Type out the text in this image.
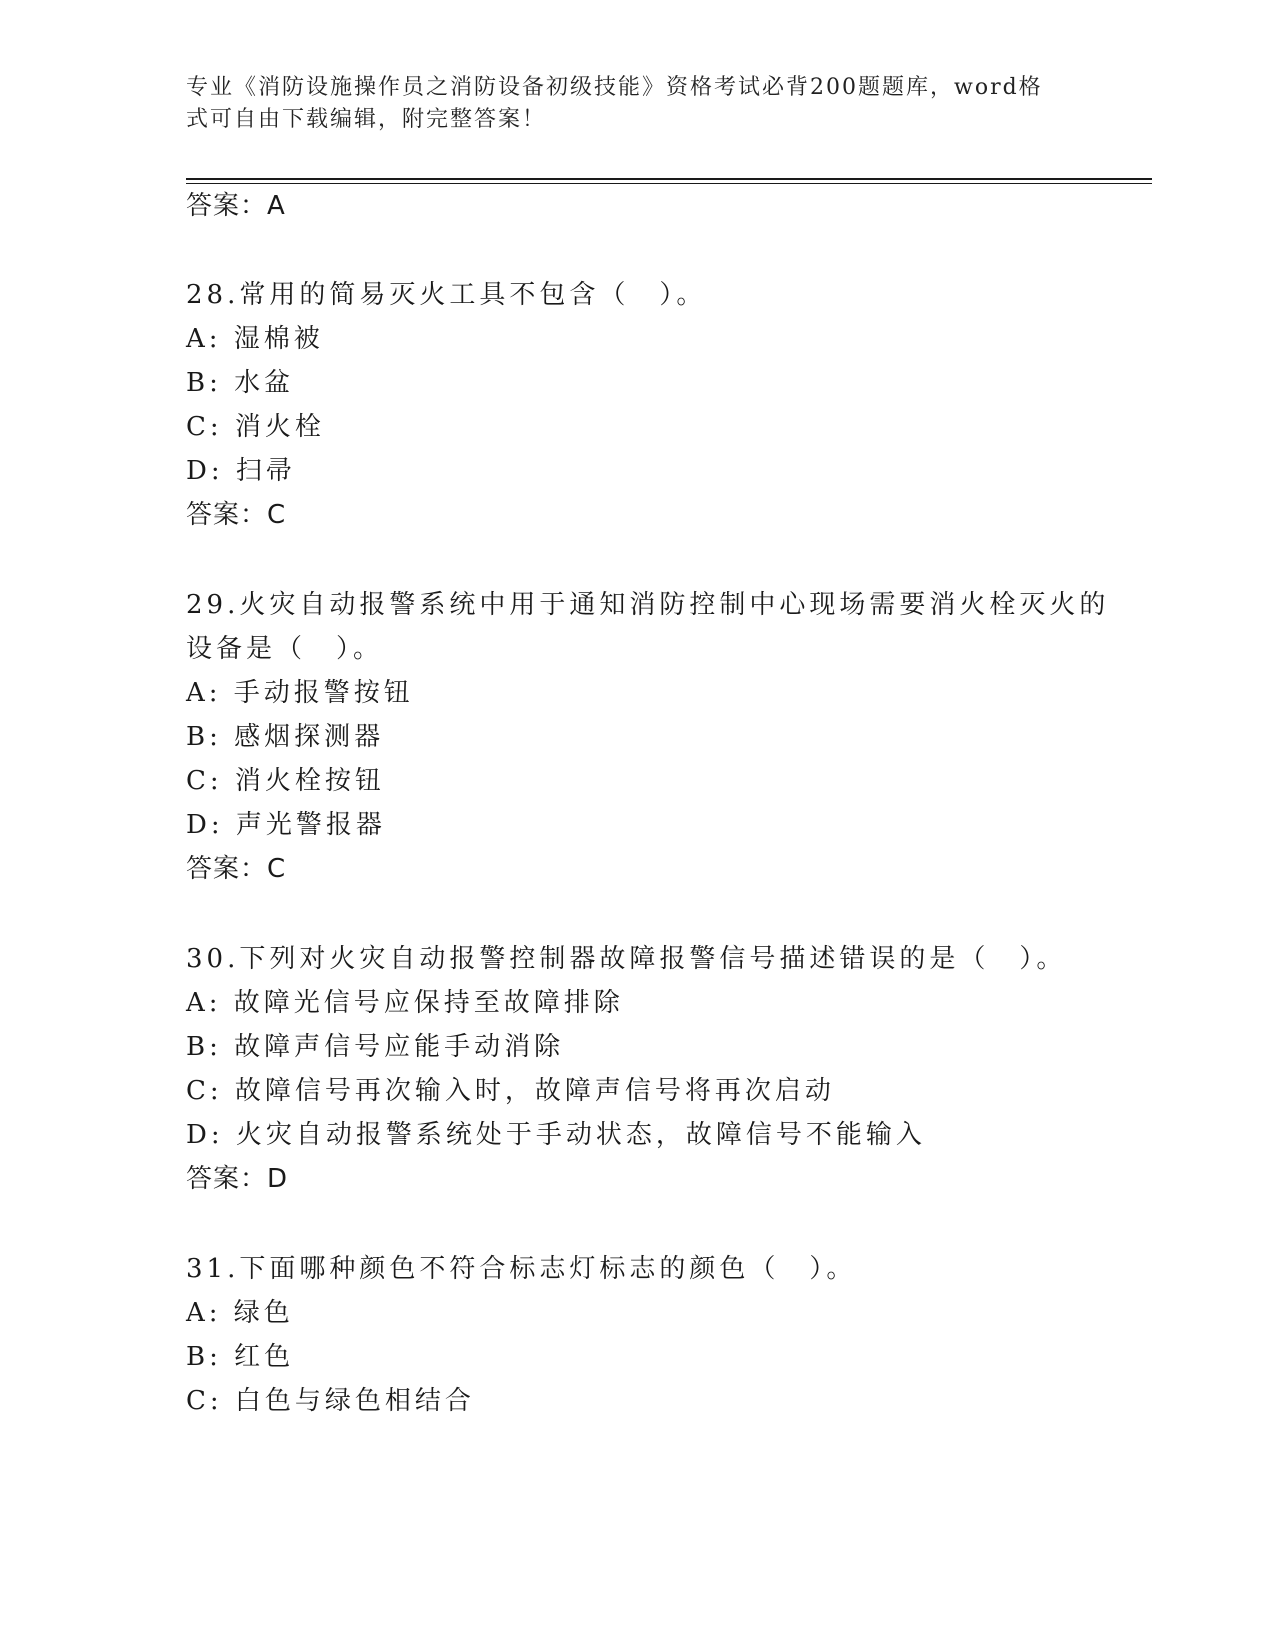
专业《消防设施操作员之消防设备初级技能》资格考试必背200题题库，word格
式可自由下载编辑，附完整答案！
答案：A
28.常用的简易灭火工具不包含（　）。
A: 湿棉被
B: 水盆
C: 消火栓
D: 扫帚
答案：C
29.火灾自动报警系统中用于通知消防控制中心现场需要消火栓灭火的
设备是（　）。
A: 手动报警按钮
B: 感烟探测器
C: 消火栓按钮
D: 声光警报器
答案：C
30.下列对火灾自动报警控制器故障报警信号描述错误的是（　）。
A: 故障光信号应保持至故障排除
B: 故障声信号应能手动消除
C: 故障信号再次输入时，故障声信号将再次启动
D: 火灾自动报警系统处于手动状态，故障信号不能输入
答案：D
31.下面哪种颜色不符合标志灯标志的颜色（　）。
A: 绿色
B: 红色
C: 白色与绿色相结合
